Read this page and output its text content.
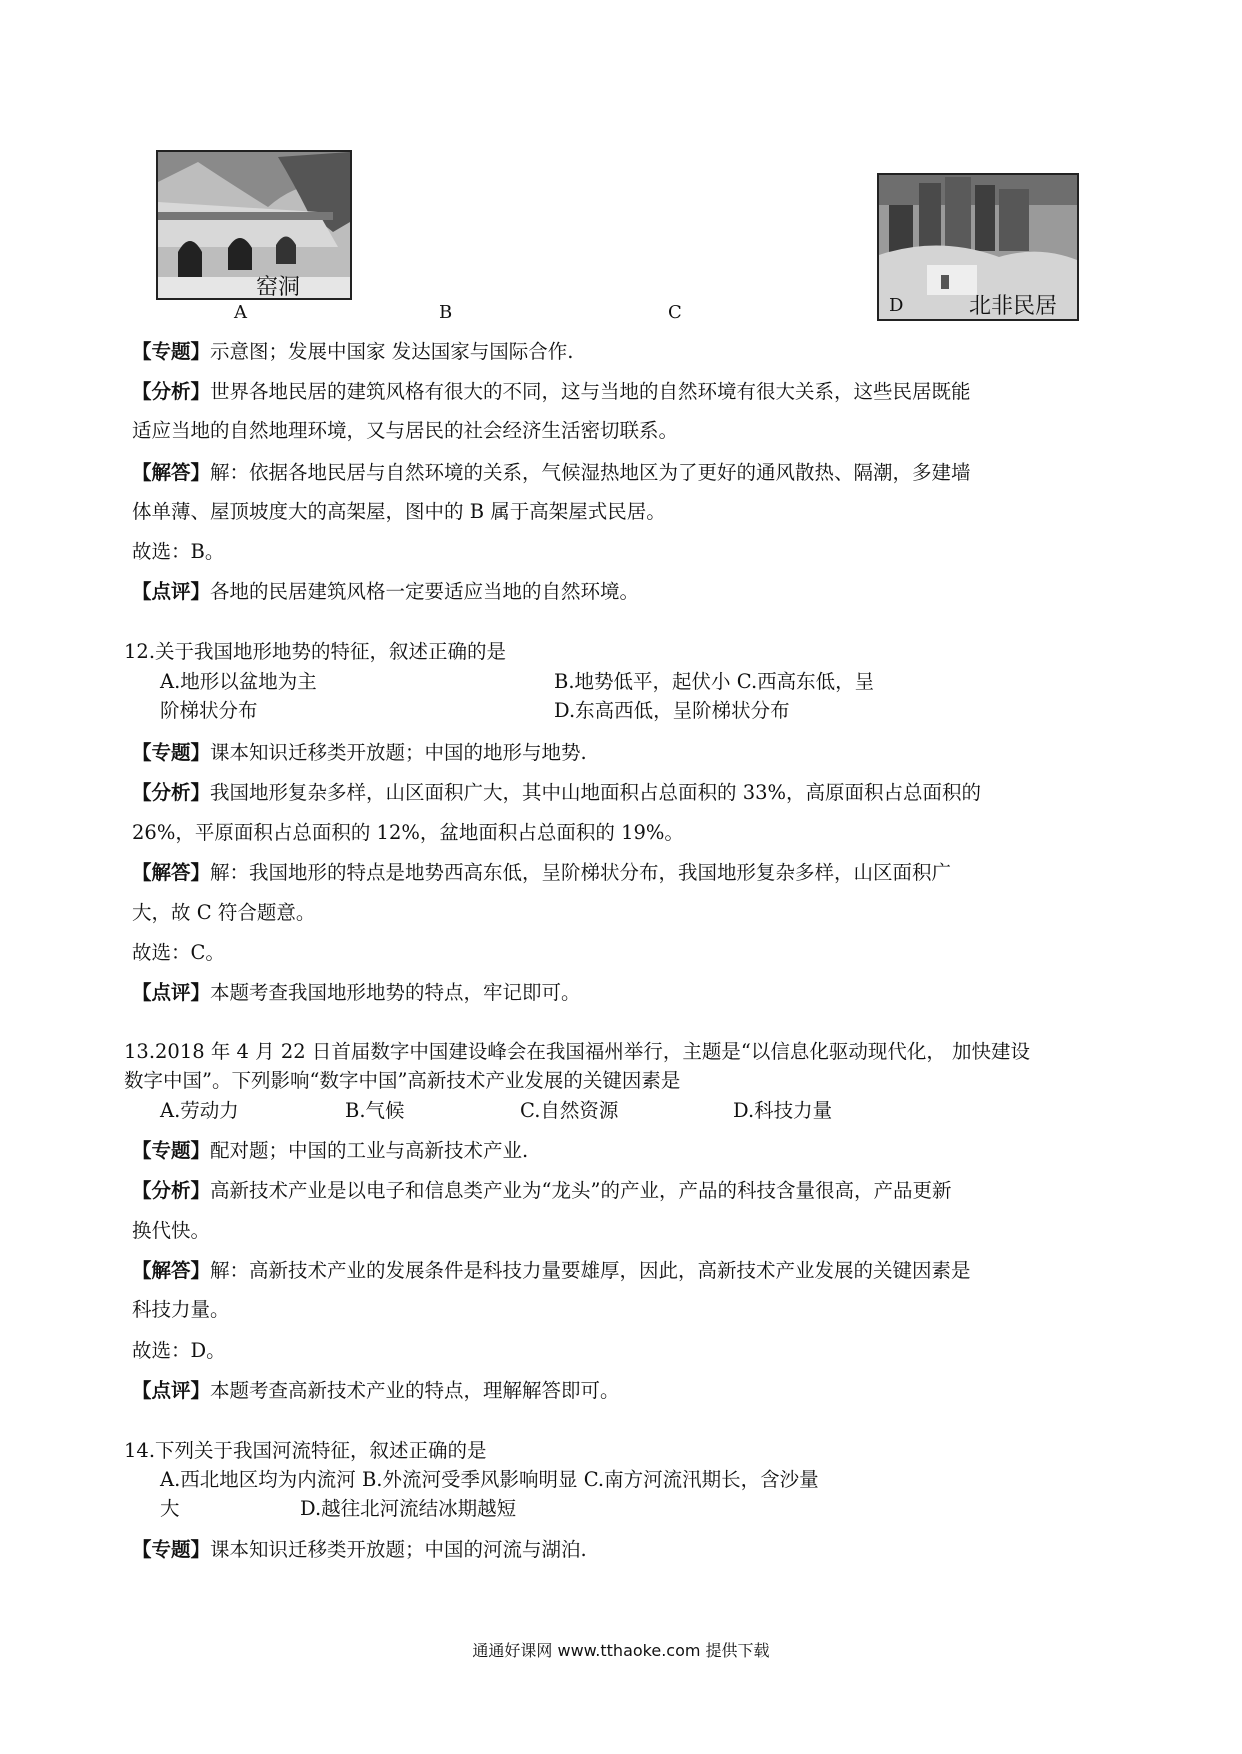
窑洞
A	B	C	北非民居
D
【专题】示意图；发展中国家 发达国家与国际合作.
【分析】世界各地民居的建筑风格有很大的不同，这与当地的自然环境有很大关系，这些民居既能
适应当地的自然地理环境，又与居民的社会经济生活密切联系。
【解答】解：依据各地民居与自然环境的关系，气候湿热地区为了更好的通风散热、隔潮，多建墙
体单薄、屋顶坡度大的高架屋，图中的 B 属于高架屋式民居。
故选：B。
【点评】各地的民居建筑风格一定要适应当地的自然环境。
12.关于我国地形地势的特征，叙述正确的是
A.地形以盆地为主	B.地势低平，起伏小 C.西高东低，呈
阶梯状分布	D.东高西低，呈阶梯状分布
【专题】课本知识迁移类开放题；中国的地形与地势.
【分析】我国地形复杂多样，山区面积广大，其中山地面积占总面积的 33%，高原面积占总面积的
26%，平原面积占总面积的 12%，盆地面积占总面积的 19%。
【解答】解：我国地形的特点是地势西高东低，呈阶梯状分布，我国地形复杂多样，山区面积广
大，故 C 符合题意。
故选：C。
【点评】本题考查我国地形地势的特点，牢记即可。
13.2018 年 4 月 22 日首届数字中国建设峰会在我国福州举行，主题是“以信息化驱动现代化， 加快建设
数字中国”。下列影响“数字中国”高新技术产业发展的关键因素是
A.劳动力	B.气候	C.自然资源	D.科技力量
【专题】配对题；中国的工业与高新技术产业.
【分析】高新技术产业是以电子和信息类产业为“龙头”的产业，产品的科技含量很高，产品更新
换代快。
【解答】解：高新技术产业的发展条件是科技力量要雄厚，因此，高新技术产业发展的关键因素是
科技力量。
故选：D。
【点评】本题考查高新技术产业的特点，理解解答即可。
14.下列关于我国河流特征，叙述正确的是
A.西北地区均为内流河 B.外流河受季风影响明显 C.南方河流汛期长，含沙量
大	D.越往北河流结冰期越短
【专题】课本知识迁移类开放题；中国的河流与湖泊.
通通好课网 www.tthaoke.com 提供下载
